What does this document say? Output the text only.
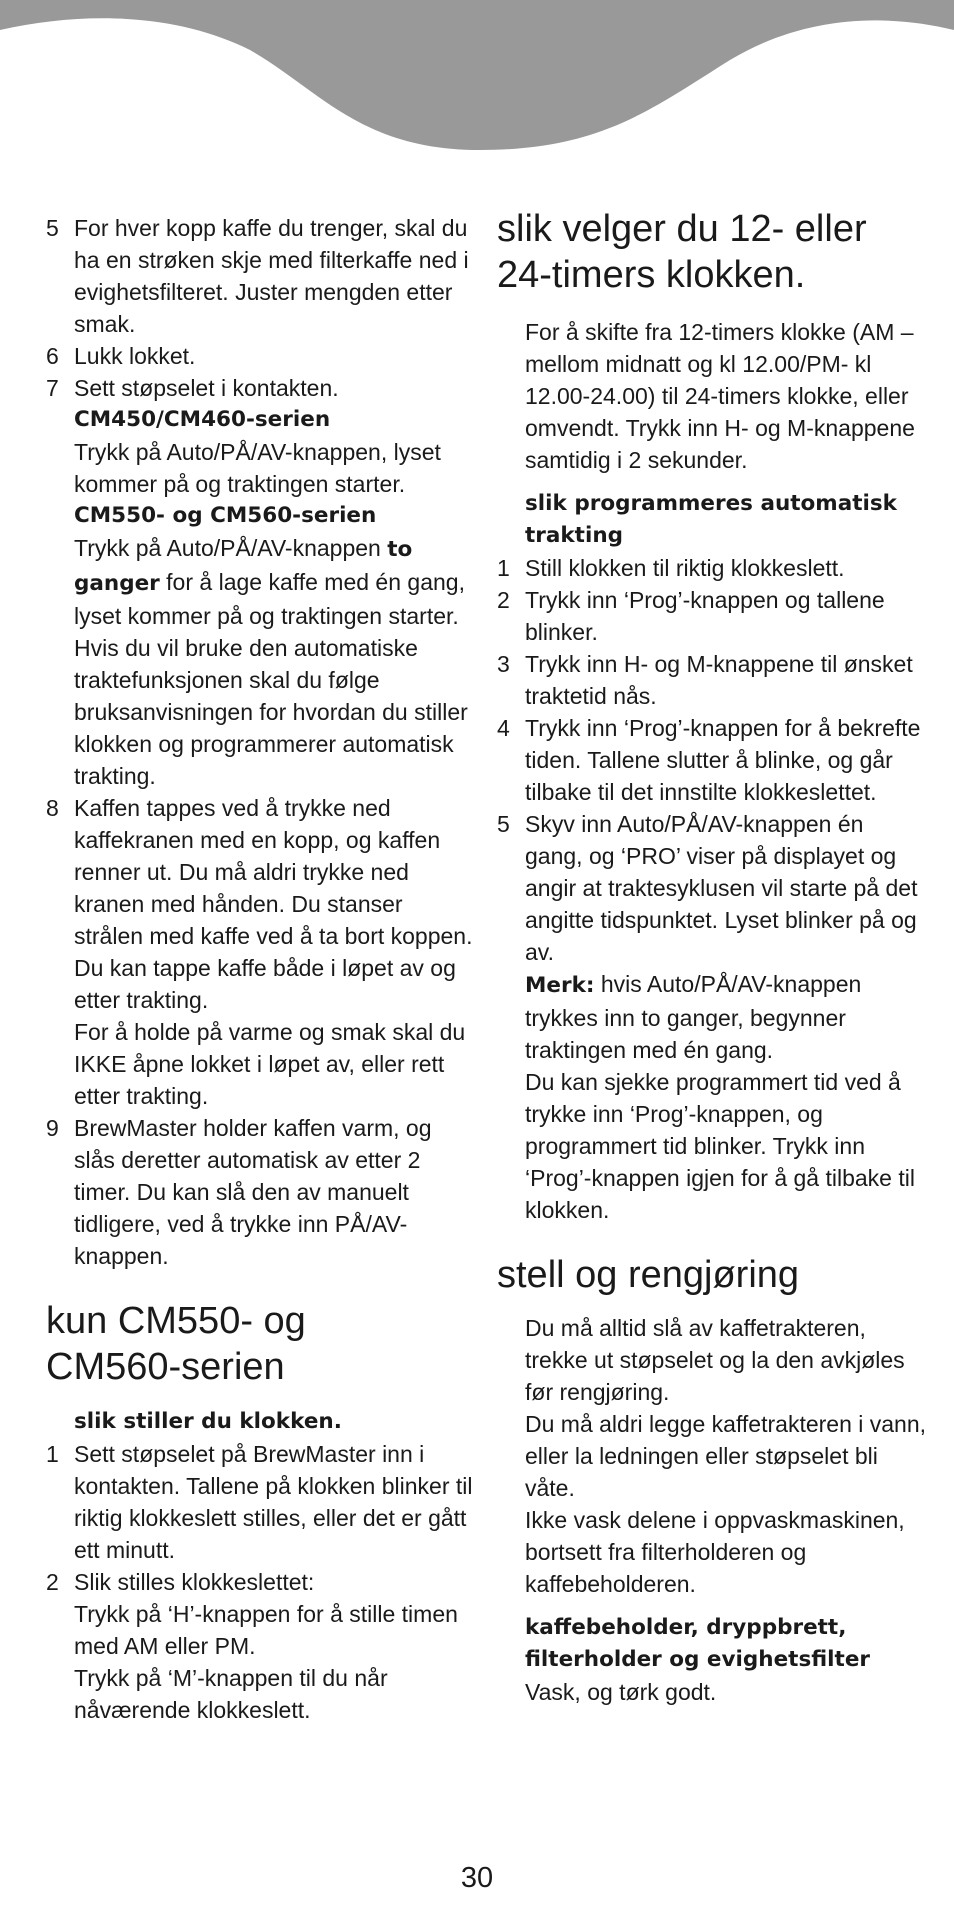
5 For hver kopp kaffe du trenger, skal du ha en strøken skje med filterkaffe ned i evighetsfilteret. Juster mengden etter smak.
6 Lukk lokket.
7 Sett støpselet i kontakten.
CM450/CM460-serien
Trykk på Auto/PÅ/AV-knappen, lyset kommer på og traktingen starter.
CM550- og CM560-serien
Trykk på Auto/PÅ/AV-knappen to ganger for å lage kaffe med én gang, lyset kommer på og traktingen starter. Hvis du vil bruke den automatiske traktefunksjonen skal du følge bruksanvisningen for hvordan du stiller klokken og programmerer automatisk trakting.
8 Kaffen tappes ved å trykke ned kaffekranen med en kopp, og kaffen renner ut. Du må aldri trykke ned kranen med hånden. Du stanser strålen med kaffe ved å ta bort koppen. Du kan tappe kaffe både i løpet av og etter trakting.
For å holde på varme og smak skal du IKKE åpne lokket i løpet av, eller rett etter trakting.
9 BrewMaster holder kaffen varm, og slås deretter automatisk av etter 2 timer. Du kan slå den av manuelt tidligere, ved å trykke inn PÅ/AV-knappen.
kun CM550- og CM560-serien
slik stiller du klokken.
1 Sett støpselet på BrewMaster inn i kontakten. Tallene på klokken blinker til riktig klokkeslett stilles, eller det er gått ett minutt.
2 Slik stilles klokkeslettet:
Trykk på ‘H’-knappen for å stille timen med AM eller PM.
Trykk på ‘M’-knappen til du når nåværende klokkeslett.
slik velger du 12- eller 24-timers klokken.
For å skifte fra 12-timers klokke (AM –mellom midnatt og kl 12.00/PM- kl 12.00-24.00) til 24-timers klokke, eller omvendt. Trykk inn H- og M-knappene samtidig i 2 sekunder.
slik programmeres automatisk trakting
1 Still klokken til riktig klokkeslett.
2 Trykk inn ‘Prog’-knappen og tallene blinker.
3 Trykk inn H- og M-knappene til ønsket traktetid nås.
4 Trykk inn ‘Prog’-knappen for å bekrefte tiden. Tallene slutter å blinke, og går tilbake til det innstilte klokkeslettet.
5 Skyv inn Auto/PÅ/AV-knappen én gang, og ‘PRO’ viser på displayet og angir at traktesyklusen vil starte på det angitte tidspunktet. Lyset blinker på og av.
Merk: hvis Auto/PÅ/AV-knappen trykkes inn to ganger, begynner traktingen med én gang.
Du kan sjekke programmert tid ved å trykke inn ‘Prog’-knappen, og programmert tid blinker. Trykk inn ‘Prog’-knappen igjen for å gå tilbake til klokken.
stell og rengjøring
Du må alltid slå av kaffetrakteren, trekke ut støpselet og la den avkjøles før rengjøring.
Du må aldri legge kaffetrakteren i vann, eller la ledningen eller støpselet bli våte.
Ikke vask delene i oppvaskmaskinen, bortsett fra filterholderen og kaffebeholderen.
kaffebeholder, dryppbrett, filterholder og evighetsfilter
Vask, og tørk godt.
30
